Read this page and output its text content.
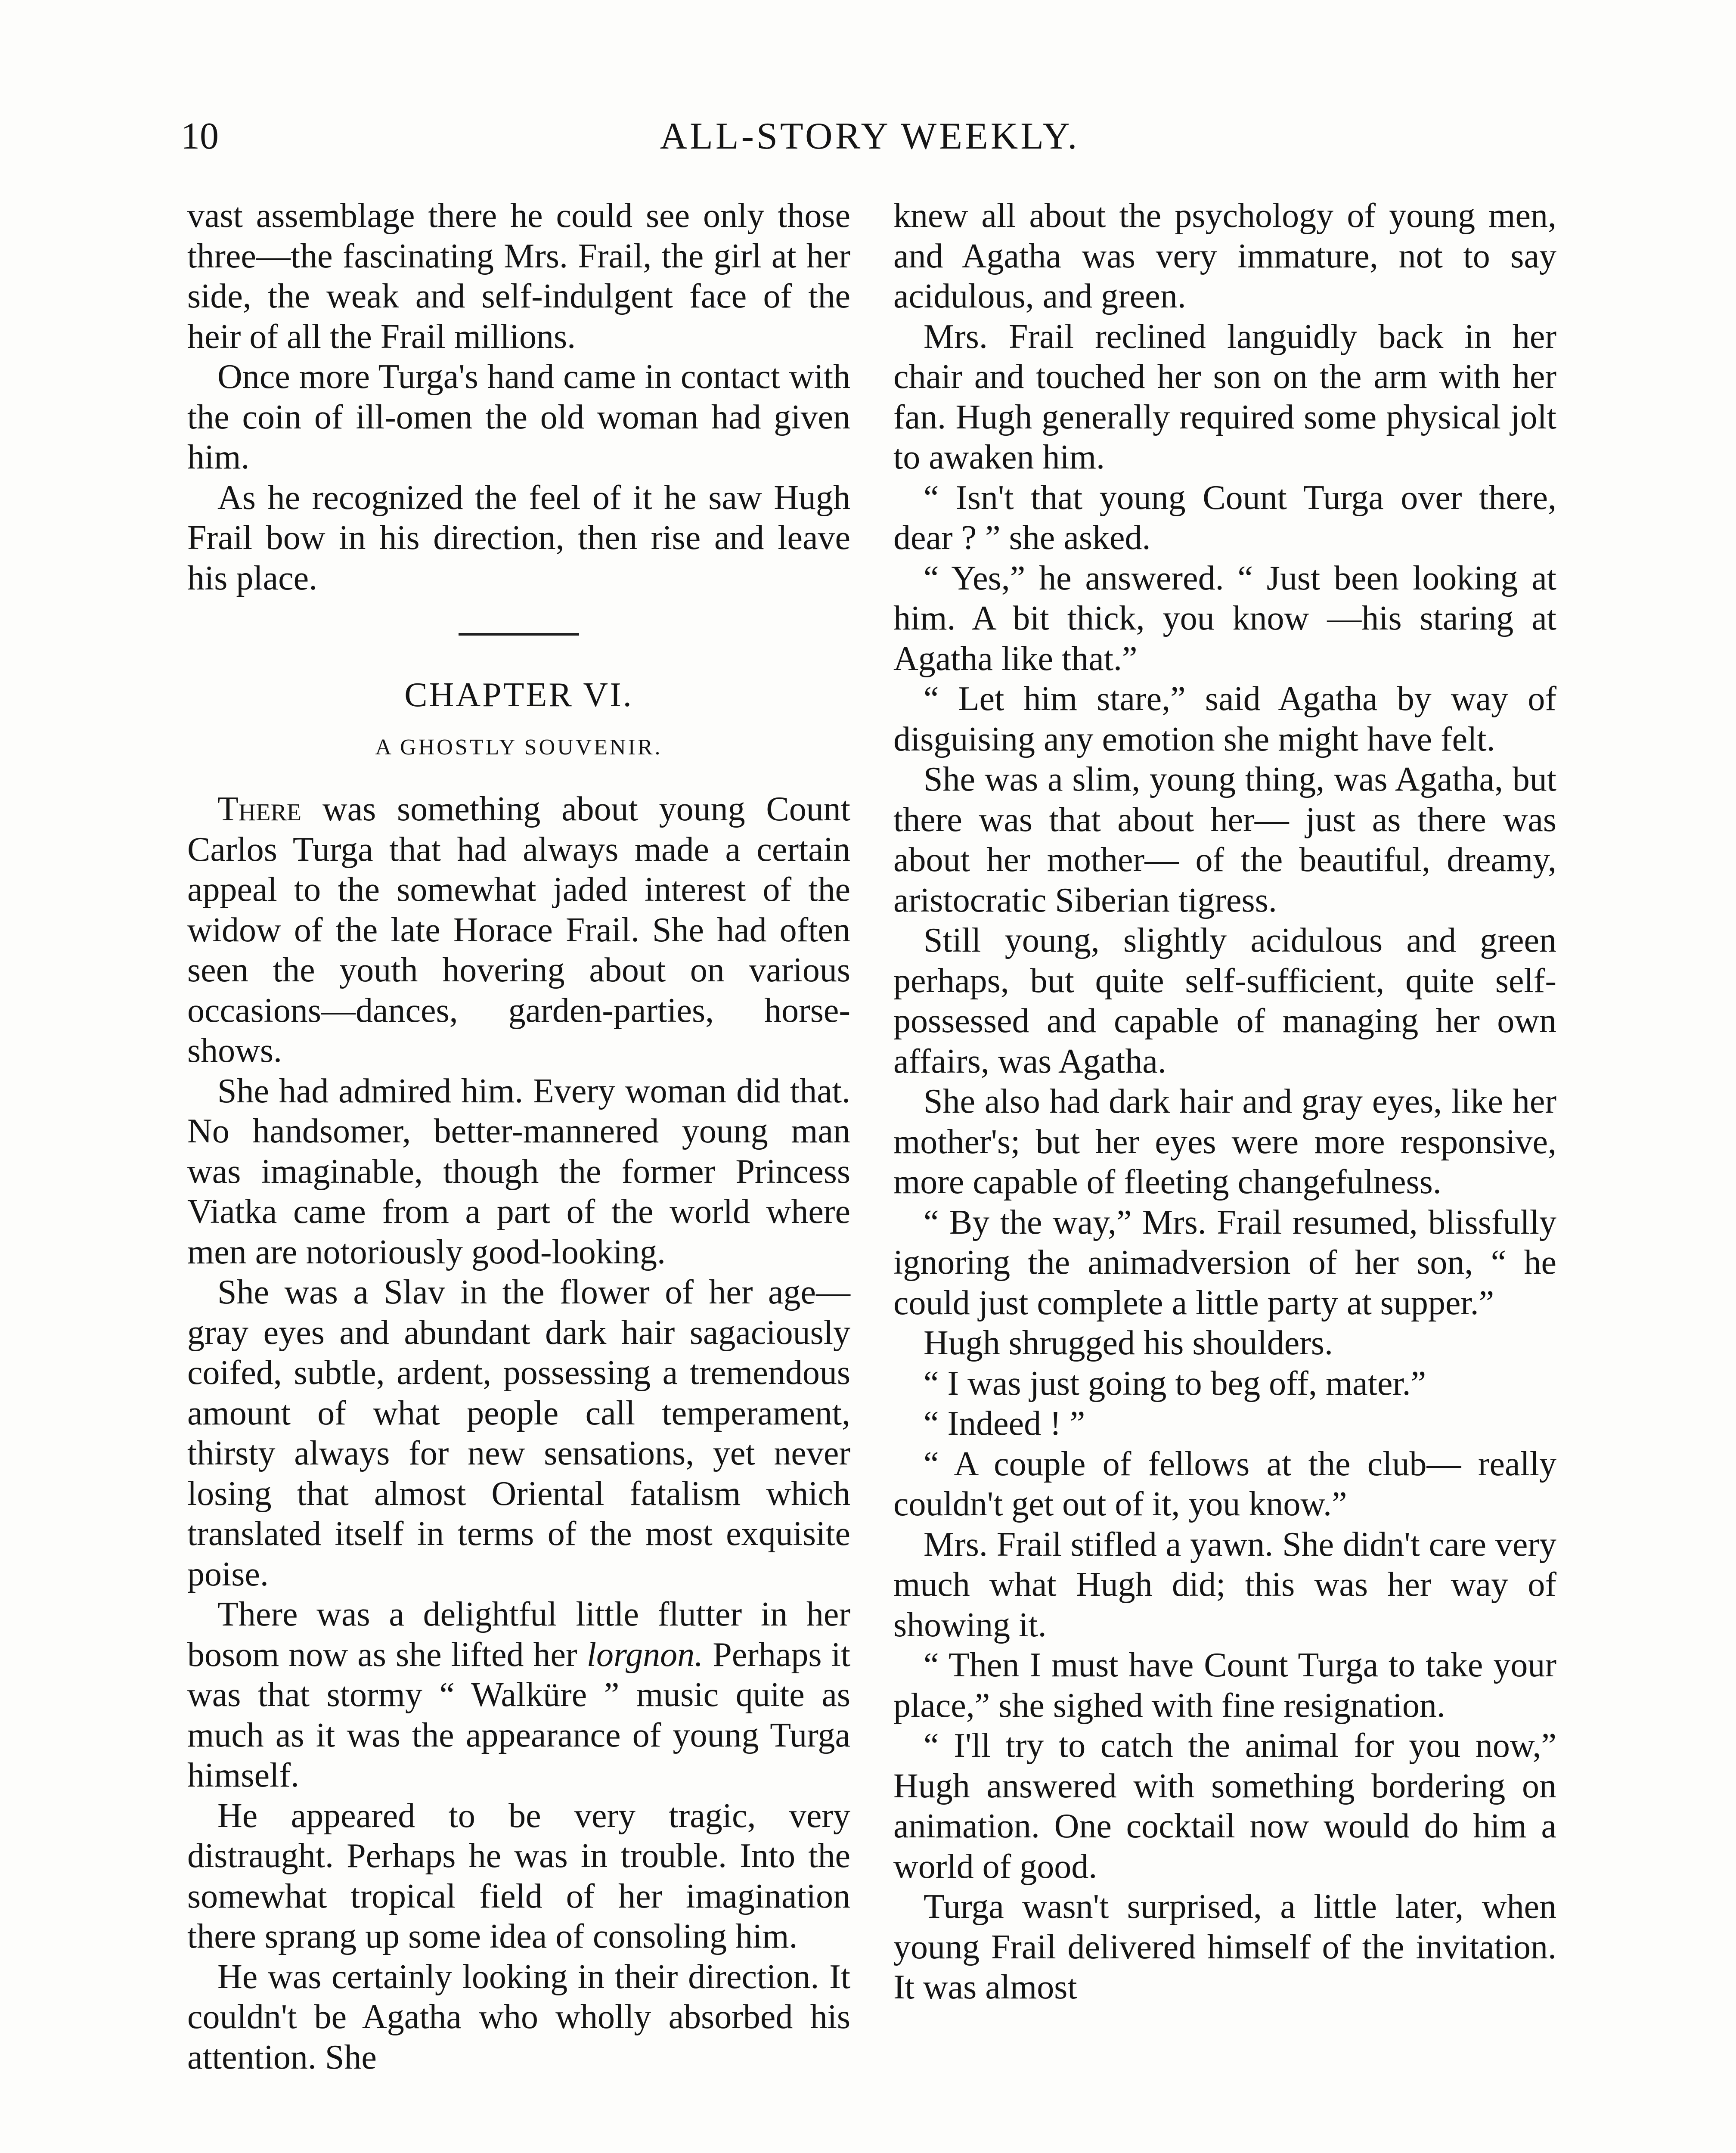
10	ALL-STORY WEEKLY.

vast assemblage there he could see only those three—the fascinating Mrs. Frail, the girl at her side, the weak and self-indulgent face of the heir of all the Frail millions.

Once more Turga's hand came in contact with the coin of ill-omen the old woman had given him.

As he recognized the feel of it he saw Hugh Frail bow in his direction, then rise and leave his place.

CHAPTER VI.
A GHOSTLY SOUVENIR.

There was something about young Count Carlos Turga that had always made a certain appeal to the somewhat jaded interest of the widow of the late Horace Frail. She had often seen the youth hovering about on various occasions—dances, garden-parties, horse-shows.

She had admired him. Every woman did that. No handsomer, better-mannered young man was imaginable, though the former Princess Viatka came from a part of the world where men are notoriously good-looking.

She was a Slav in the flower of her age—gray eyes and abundant dark hair sagaciously coifed, subtle, ardent, possessing a tremendous amount of what people call temperament, thirsty always for new sensations, yet never losing that almost Oriental fatalism which translated itself in terms of the most exquisite poise.

There was a delightful little flutter in her bosom now as she lifted her lorgnon. Perhaps it was that stormy “ Walküre ” music quite as much as it was the appearance of young Turga himself.

He appeared to be very tragic, very distraught. Perhaps he was in trouble. Into the somewhat tropical field of her imagination there sprang up some idea of consoling him.

He was certainly looking in their direction. It couldn't be Agatha who wholly absorbed his attention. She

knew all about the psychology of young men, and Agatha was very immature, not to say acidulous, and green.

Mrs. Frail reclined languidly back in her chair and touched her son on the arm with her fan. Hugh generally required some physical jolt to awaken him.

“ Isn't that young Count Turga over there, dear ? ” she asked.

“ Yes,” he answered. “ Just been looking at him. A bit thick, you know —his staring at Agatha like that.”

“ Let him stare,” said Agatha by way of disguising any emotion she might have felt.

She was a slim, young thing, was Agatha, but there was that about her— just as there was about her mother— of the beautiful, dreamy, aristocratic Siberian tigress.

Still young, slightly acidulous and green perhaps, but quite self-sufficient, quite self-possessed and capable of managing her own affairs, was Agatha.

She also had dark hair and gray eyes, like her mother's; but her eyes were more responsive, more capable of fleeting changefulness.

“ By the way,” Mrs. Frail resumed, blissfully ignoring the animadversion of her son, “ he could just complete a little party at supper.”

Hugh shrugged his shoulders.

“ I was just going to beg off, mater.”

“ Indeed ! ”

“ A couple of fellows at the club— really couldn't get out of it, you know.”

Mrs. Frail stifled a yawn. She didn't care very much what Hugh did; this was her way of showing it.

“ Then I must have Count Turga to take your place,” she sighed with fine resignation.

“ I'll try to catch the animal for you now,” Hugh answered with something bordering on animation. One cocktail now would do him a world of good.

Turga wasn't surprised, a little later, when young Frail delivered himself of the invitation. It was almost
